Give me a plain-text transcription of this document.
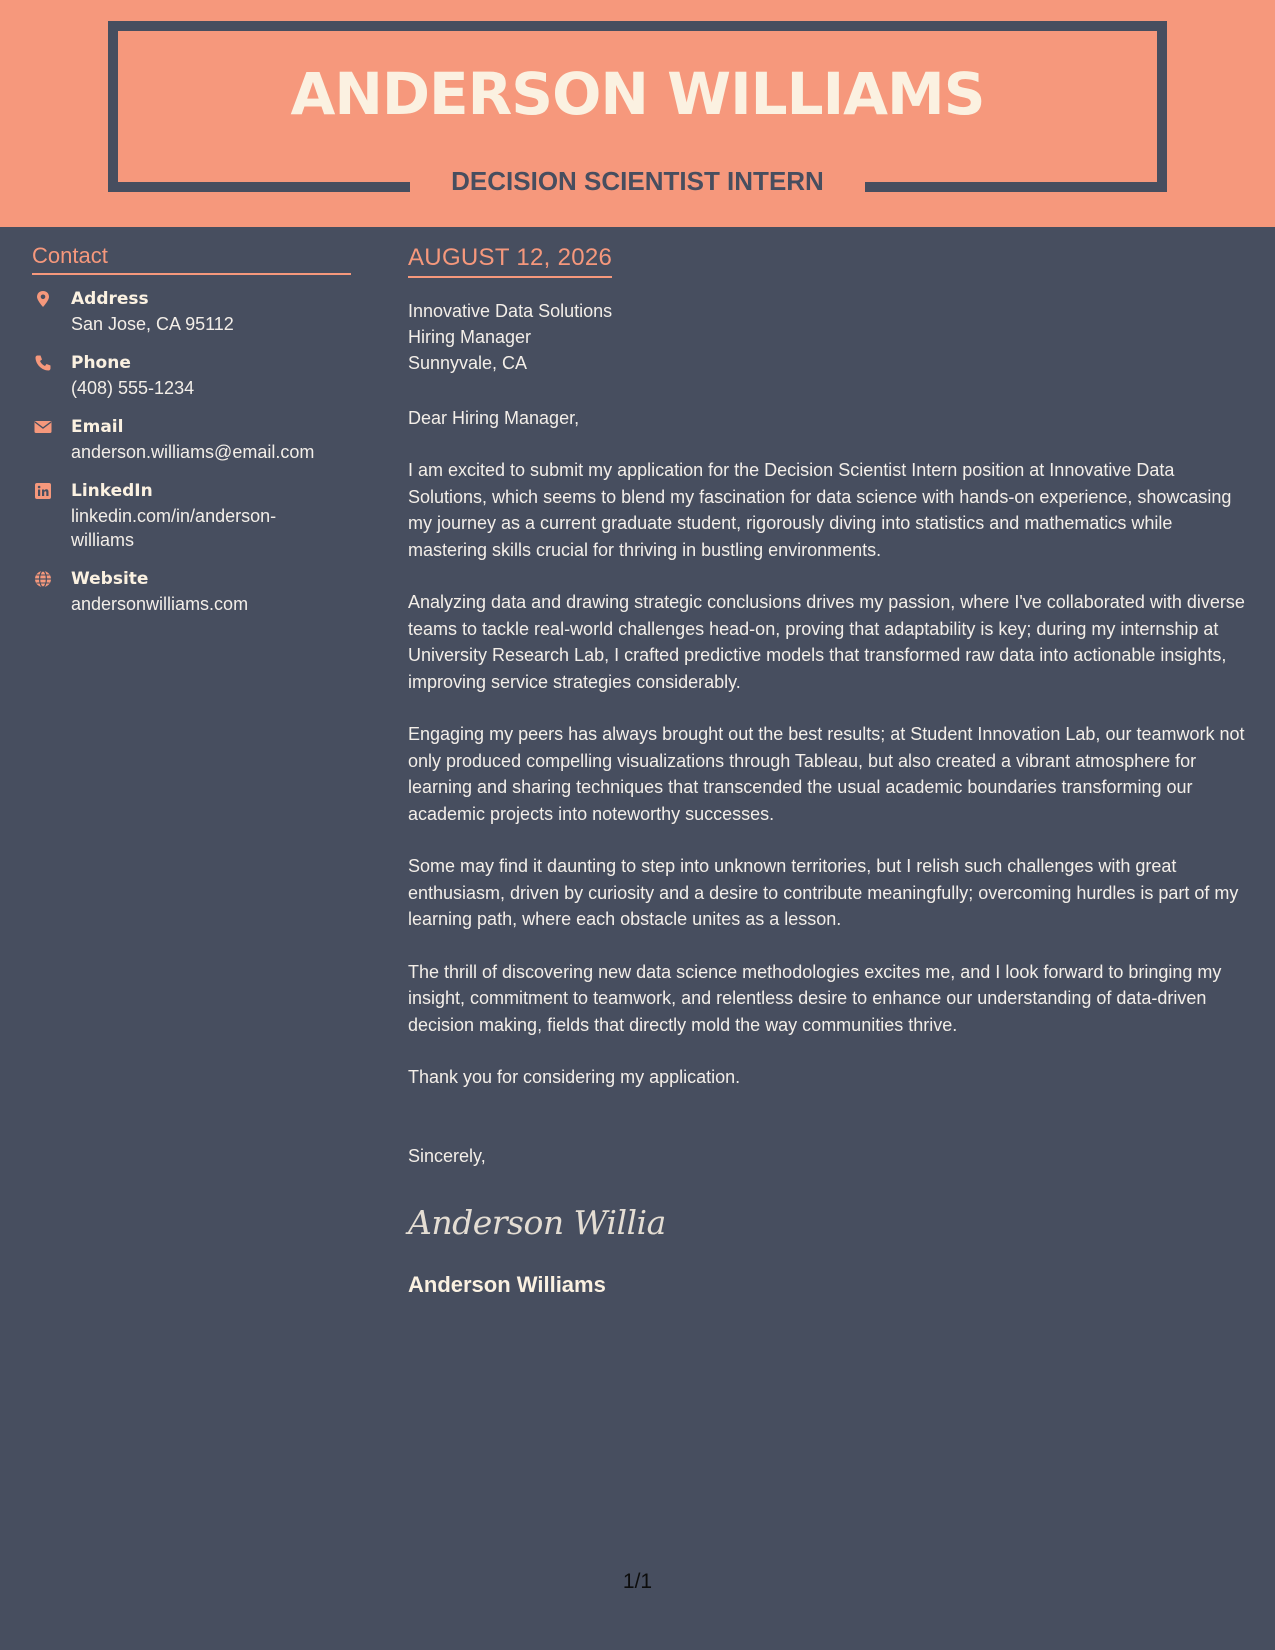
ANDERSON WILLIAMS
DECISION SCIENTIST INTERN
Contact
Address
San Jose, CA 95112
Phone
(408) 555-1234
Email
anderson.williams@email.com
LinkedIn
linkedin.com/in/anderson-williams
Website
andersonwilliams.com
AUGUST 12, 2026
Innovative Data Solutions
Hiring Manager
Sunnyvale, CA
Dear Hiring Manager,

I am excited to submit my application for the Decision Scientist Intern position at Innovative Data Solutions, which seems to blend my fascination for data science with hands-on experience, showcasing my journey as a current graduate student, rigorously diving into statistics and mathematics while mastering skills crucial for thriving in bustling environments.

Analyzing data and drawing strategic conclusions drives my passion, where I've collaborated with diverse teams to tackle real-world challenges head-on, proving that adaptability is key; during my internship at University Research Lab, I crafted predictive models that transformed raw data into actionable insights, improving service strategies considerably.

Engaging my peers has always brought out the best results; at Student Innovation Lab, our teamwork not only produced compelling visualizations through Tableau, but also created a vibrant atmosphere for learning and sharing techniques that transcended the usual academic boundaries transforming our academic projects into noteworthy successes.

Some may find it daunting to step into unknown territories, but I relish such challenges with great enthusiasm, driven by curiosity and a desire to contribute meaningfully; overcoming hurdles is part of my learning path, where each obstacle unites as a lesson.

The thrill of discovering new data science methodologies excites me, and I look forward to bringing my insight, commitment to teamwork, and relentless desire to enhance our understanding of data-driven decision making, fields that directly mold the way communities thrive.

Thank you for considering my application.
Sincerely,
Anderson Willia
Anderson Williams
1/1
